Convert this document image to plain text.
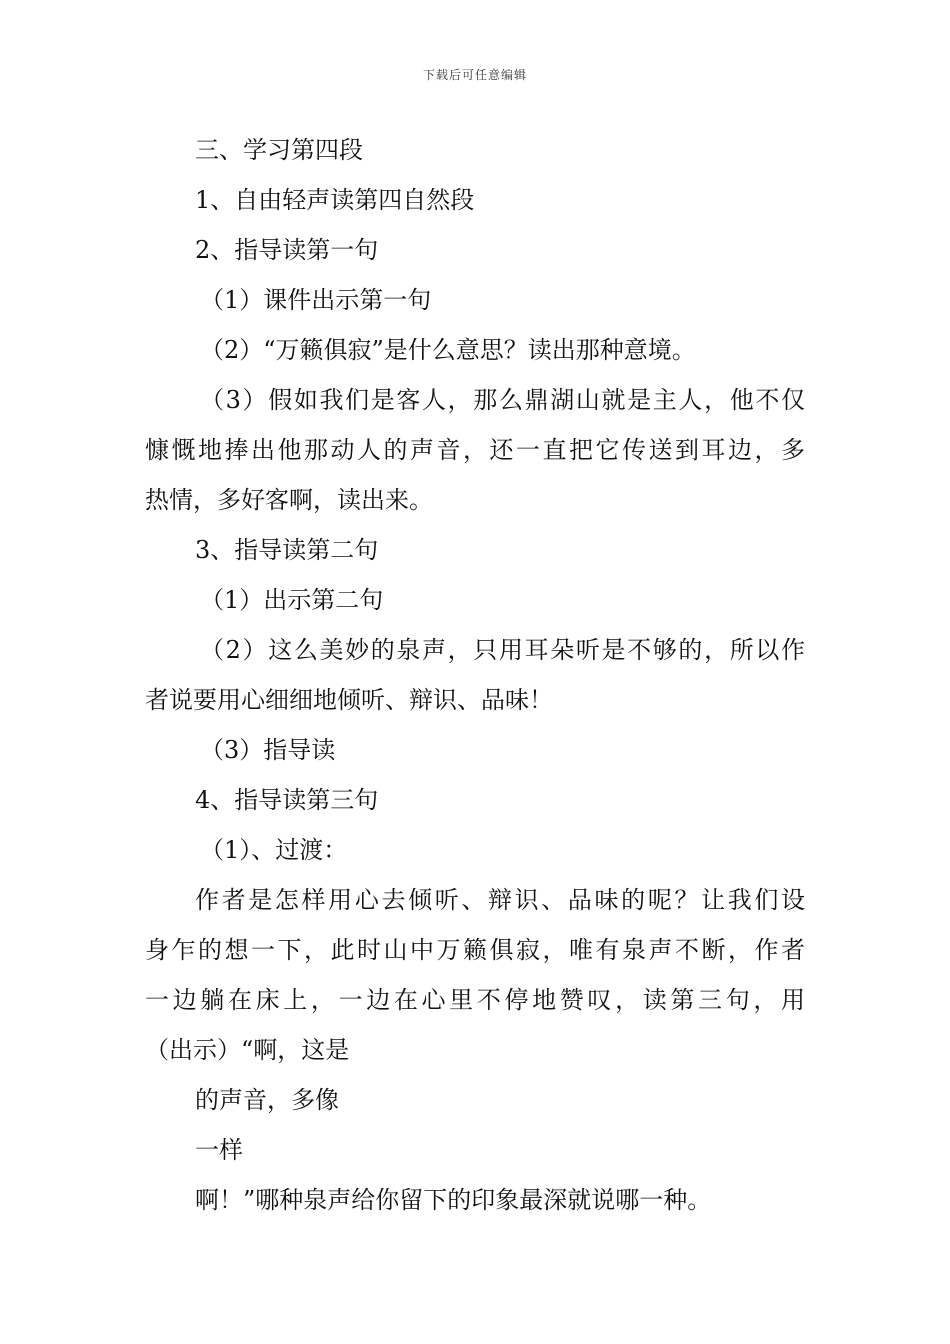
下载后可任意编辑
三、学习第四段
1、自由轻声读第四自然段
2、指导读第一句
（1）课件出示第一句
（2）“万籁俱寂”是什么意思？读出那种意境。
（3）假如我们是客人，那么鼎湖山就是主人，他不仅
慷慨地捧出他那动人的声音，还一直把它传送到耳边，多
热情，多好客啊，读出来。
3、指导读第二句
（1）出示第二句
（2）这么美妙的泉声，只用耳朵听是不够的，所以作
者说要用心细细地倾听、辩识、品味！
（3）指导读
4、指导读第三句
（1）、过渡：
作者是怎样用心去倾听、辩识、品味的呢？让我们设
身乍的想一下，此时山中万籁俱寂，唯有泉声不断，作者
一边躺在床上，一边在心里不停地赞叹，读第三句，用
（出示）“啊，这是
的声音，多像
一样
啊！”哪种泉声给你留下的印象最深就说哪一种。
